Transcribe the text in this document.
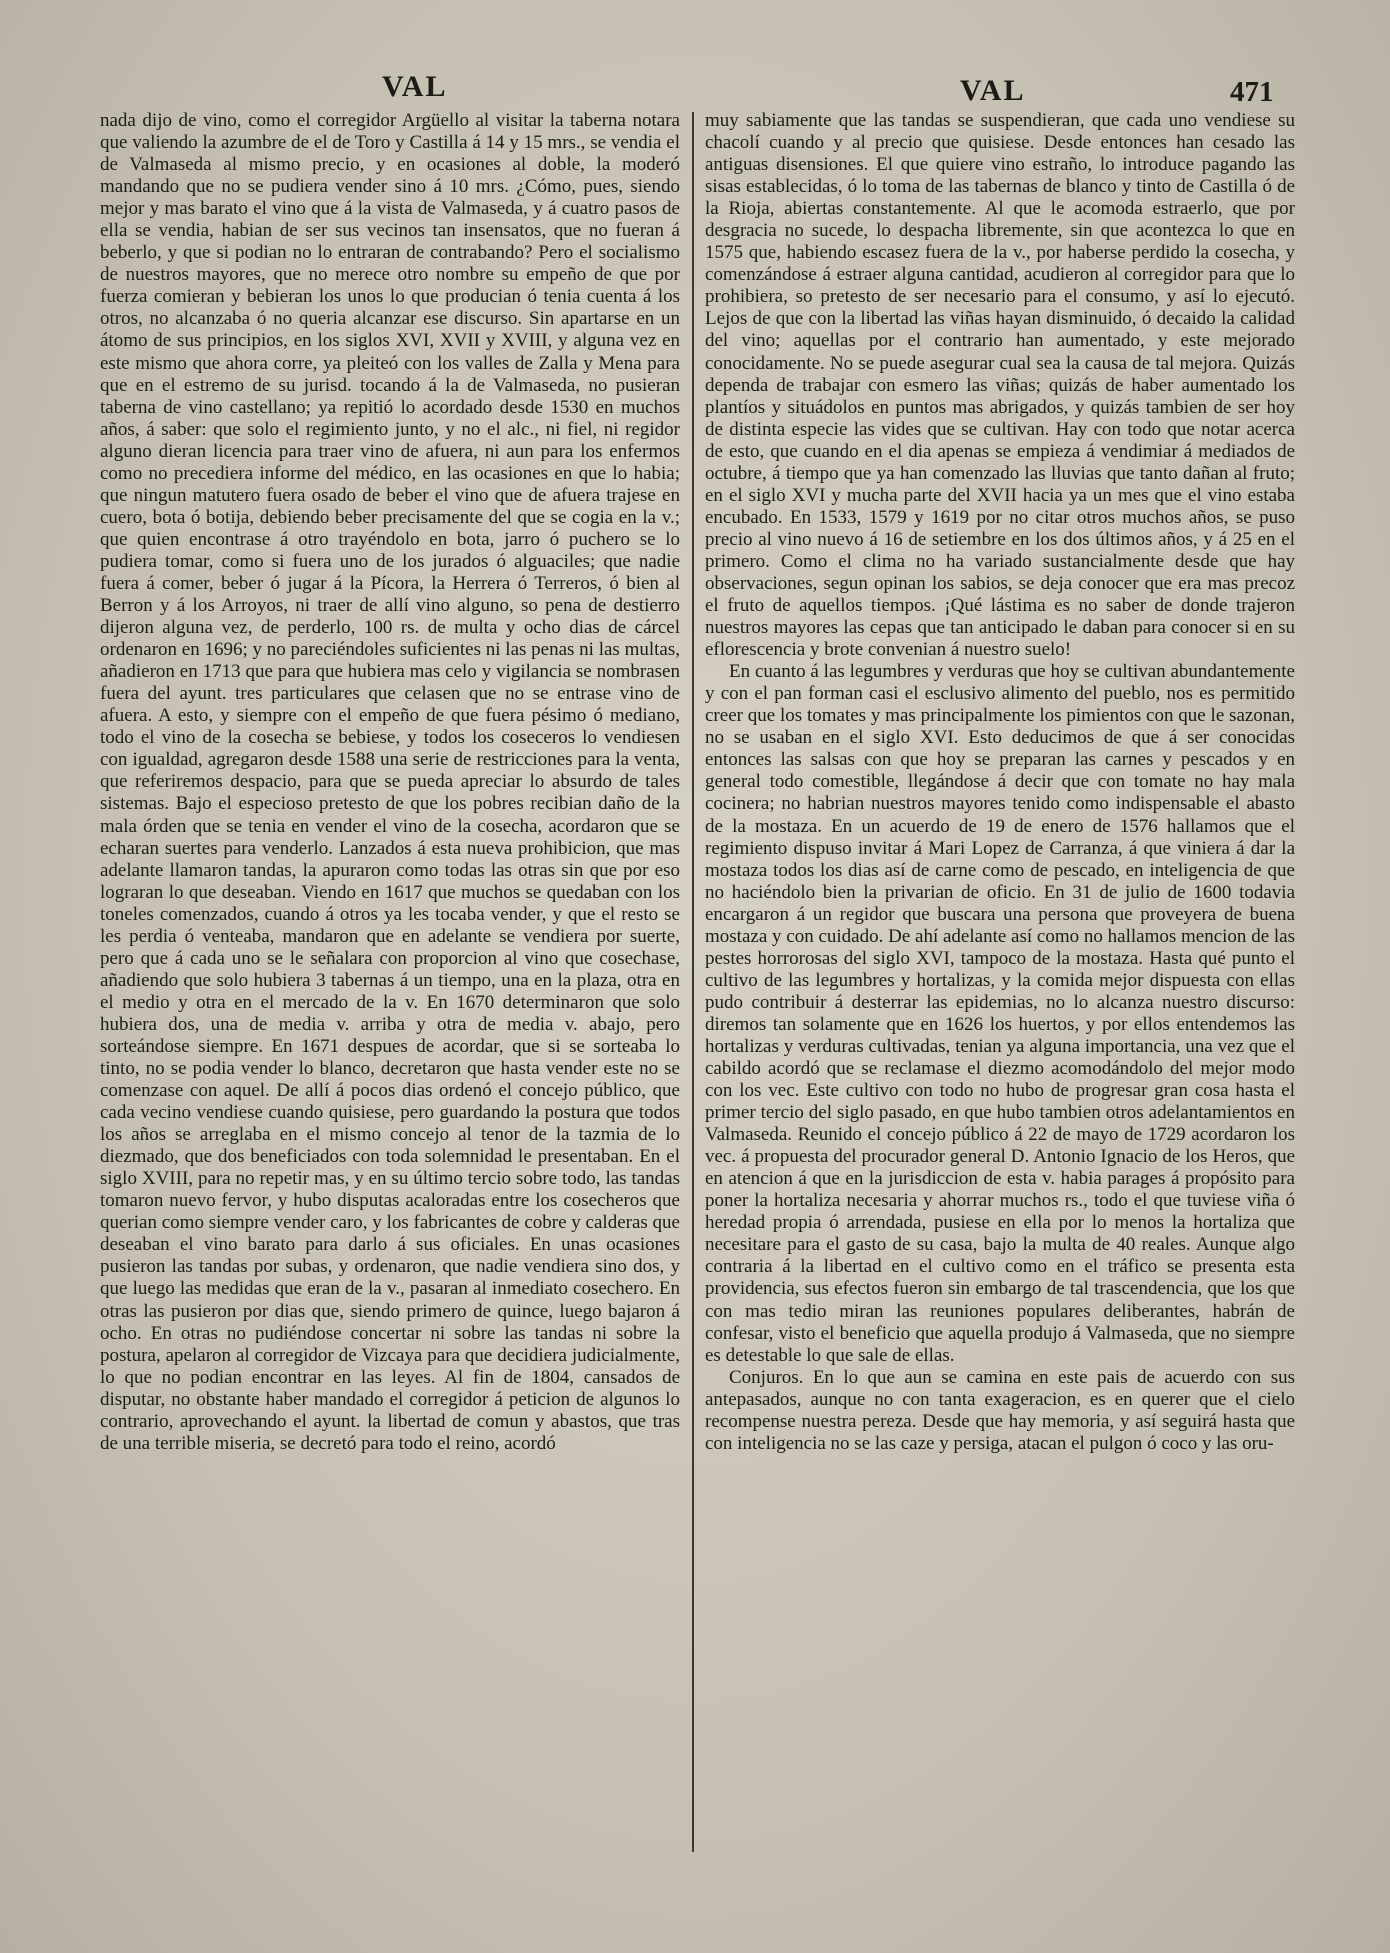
VAL	VAL	471

nada dijo de vino, como el corregidor Argüello al visitar la taberna notara que valiendo la azumbre de el de Toro y Castilla á 14 y 15 mrs., se vendia el de Valmaseda al mismo precio, y en ocasiones al doble, la moderó mandando que no se pudiera vender sino á 10 mrs. ¿Cómo, pues, siendo mejor y mas barato el vino que á la vista de Valmaseda, y á cuatro pasos de ella se vendia, habian de ser sus vecinos tan insensatos, que no fueran á beberlo, y que si podian no lo entraran de contrabando? Pero el socialismo de nuestros mayores, que no merece otro nombre su empeño de que por fuerza comieran y bebieran los unos lo que producian ó tenia cuenta á los otros, no alcanzaba ó no queria alcanzar ese discurso. Sin apartarse en un átomo de sus principios, en los siglos XVI, XVII y XVIII, y alguna vez en este mismo que ahora corre, ya pleiteó con los valles de Zalla y Mena para que en el estremo de su jurisd. tocando á la de Valmaseda, no pusieran taberna de vino castellano; ya repitió lo acordado desde 1530 en muchos años, á saber: que solo el regimiento junto, y no el alc., ni fiel, ni regidor alguno dieran licencia para traer vino de afuera, ni aun para los enfermos como no precediera informe del médico, en las ocasiones en que lo habia; que ningun matutero fuera osado de beber el vino que de afuera trajese en cuero, bota ó botija, debiendo beber precisamente del que se cogia en la v.; que quien encontrase á otro trayéndolo en bota, jarro ó puchero se lo pudiera tomar, como si fuera uno de los jurados ó alguaciles; que nadie fuera á comer, beber ó jugar á la Pícora, la Herrera ó Terreros, ó bien al Berron y á los Arroyos, ni traer de allí vino alguno, so pena de destierro dijeron alguna vez, de perderlo, 100 rs. de multa y ocho dias de cárcel ordenaron en 1696; y no pareciéndoles suficientes ni las penas ni las multas, añadieron en 1713 que para que hubiera mas celo y vigilancia se nombrasen fuera del ayunt. tres particulares que celasen que no se entrase vino de afuera. A esto, y siempre con el empeño de que fuera pésimo ó mediano, todo el vino de la cosecha se bebiese, y todos los coseceros lo vendiesen con igualdad, agregaron desde 1588 una serie de restricciones para la venta, que referiremos despacio, para que se pueda apreciar lo absurdo de tales sistemas. Bajo el especioso pretesto de que los pobres recibian daño de la mala órden que se tenia en vender el vino de la cosecha, acordaron que se echaran suertes para venderlo. Lanzados á esta nueva prohibicion, que mas adelante llamaron tandas, la apuraron como todas las otras sin que por eso lograran lo que deseaban. Viendo en 1617 que muchos se quedaban con los toneles comenzados, cuando á otros ya les tocaba vender, y que el resto se les perdia ó venteaba, mandaron que en adelante se vendiera por suerte, pero que á cada uno se le señalara con proporcion al vino que cosechase, añadiendo que solo hubiera 3 tabernas á un tiempo, una en la plaza, otra en el medio y otra en el mercado de la v. En 1670 determinaron que solo hubiera dos, una de media v. arriba y otra de media v. abajo, pero sorteándose siempre. En 1671 despues de acordar, que si se sorteaba lo tinto, no se podia vender lo blanco, decretaron que hasta vender este no se comenzase con aquel. De allí á pocos dias ordenó el concejo público, que cada vecino vendiese cuando quisiese, pero guardando la postura que todos los años se arreglaba en el mismo concejo al tenor de la tazmia de lo diezmado, que dos beneficiados con toda solemnidad le presentaban. En el siglo XVIII, para no repetir mas, y en su último tercio sobre todo, las tandas tomaron nuevo fervor, y hubo disputas acaloradas entre los cosecheros que querian como siempre vender caro, y los fabricantes de cobre y calderas que deseaban el vino barato para darlo á sus oficiales. En unas ocasiones pusieron las tandas por subas, y ordenaron, que nadie vendiera sino dos, y que luego las medidas que eran de la v., pasaran al inmediato cosechero. En otras las pusieron por dias que, siendo primero de quince, luego bajaron á ocho. En otras no pudiéndose concertar ni sobre las tandas ni sobre la postura, apelaron al corregidor de Vizcaya para que decidiera judicialmente, lo que no podian encontrar en las leyes. Al fin de 1804, cansados de disputar, no obstante haber mandado el corregidor á peticion de algunos lo contrario, aprovechando el ayunt. la libertad de comun y abastos, que tras de una terrible miseria, se decretó para todo el reino, acordó

muy sabiamente que las tandas se suspendieran, que cada uno vendiese su chacolí cuando y al precio que quisiese. Desde entonces han cesado las antiguas disensiones. El que quiere vino estraño, lo introduce pagando las sisas establecidas, ó lo toma de las tabernas de blanco y tinto de Castilla ó de la Rioja, abiertas constantemente. Al que le acomoda estraerlo, que por desgracia no sucede, lo despacha libremente, sin que acontezca lo que en 1575 que, habiendo escasez fuera de la v., por haberse perdido la cosecha, y comenzándose á estraer alguna cantidad, acudieron al corregidor para que lo prohibiera, so pretesto de ser necesario para el consumo, y así lo ejecutó. Lejos de que con la libertad las viñas hayan disminuido, ó decaido la calidad del vino; aquellas por el contrario han aumentado, y este mejorado conocidamente. No se puede asegurar cual sea la causa de tal mejora. Quizás dependa de trabajar con esmero las viñas; quizás de haber aumentado los plantíos y situádolos en puntos mas abrigados, y quizás tambien de ser hoy de distinta especie las vides que se cultivan. Hay con todo que notar acerca de esto, que cuando en el dia apenas se empieza á vendimiar á mediados de octubre, á tiempo que ya han comenzado las lluvias que tanto dañan al fruto; en el siglo XVI y mucha parte del XVII hacia ya un mes que el vino estaba encubado. En 1533, 1579 y 1619 por no citar otros muchos años, se puso precio al vino nuevo á 16 de setiembre en los dos últimos años, y á 25 en el primero. Como el clima no ha variado sustancialmente desde que hay observaciones, segun opinan los sabios, se deja conocer que era mas precoz el fruto de aquellos tiempos. ¡Qué lástima es no saber de donde trajeron nuestros mayores las cepas que tan anticipado le daban para conocer si en su eflorescencia y brote convenian á nuestro suelo!

En cuanto á las legumbres y verduras que hoy se cultivan abundantemente y con el pan forman casi el esclusivo alimento del pueblo, nos es permitido creer que los tomates y mas principalmente los pimientos con que le sazonan, no se usaban en el siglo XVI. Esto deducimos de que á ser conocidas entonces las salsas con que hoy se preparan las carnes y pescados y en general todo comestible, llegándose á decir que con tomate no hay mala cocinera; no habrian nuestros mayores tenido como indispensable el abasto de la mostaza. En un acuerdo de 19 de enero de 1576 hallamos que el regimiento dispuso invitar á Mari Lopez de Carranza, á que viniera á dar la mostaza todos los dias así de carne como de pescado, en inteligencia de que no haciéndolo bien la privarian de oficio. En 31 de julio de 1600 todavia encargaron á un regidor que buscara una persona que proveyera de buena mostaza y con cuidado. De ahí adelante así como no hallamos mencion de las pestes horrorosas del siglo XVI, tampoco de la mostaza. Hasta qué punto el cultivo de las legumbres y hortalizas, y la comida mejor dispuesta con ellas pudo contribuir á desterrar las epidemias, no lo alcanza nuestro discurso: diremos tan solamente que en 1626 los huertos, y por ellos entendemos las hortalizas y verduras cultivadas, tenian ya alguna importancia, una vez que el cabildo acordó que se reclamase el diezmo acomodándolo del mejor modo con los vec. Este cultivo con todo no hubo de progresar gran cosa hasta el primer tercio del siglo pasado, en que hubo tambien otros adelantamientos en Valmaseda. Reunido el concejo público á 22 de mayo de 1729 acordaron los vec. á propuesta del procurador general D. Antonio Ignacio de los Heros, que en atencion á que en la jurisdiccion de esta v. habia parages á propósito para poner la hortaliza necesaria y ahorrar muchos rs., todo el que tuviese viña ó heredad propia ó arrendada, pusiese en ella por lo menos la hortaliza que necesitare para el gasto de su casa, bajo la multa de 40 reales. Aunque algo contraria á la libertad en el cultivo como en el tráfico se presenta esta providencia, sus efectos fueron sin embargo de tal trascendencia, que los que con mas tedio miran las reuniones populares deliberantes, habrán de confesar, visto el beneficio que aquella produjo á Valmaseda, que no siempre es detestable lo que sale de ellas.

Conjuros. En lo que aun se camina en este pais de acuerdo con sus antepasados, aunque no con tanta exageracion, es en querer que el cielo recompense nuestra pereza. Desde que hay memoria, y así seguirá hasta que con inteligencia no se las caze y persiga, atacan el pulgon ó coco y las oru-
